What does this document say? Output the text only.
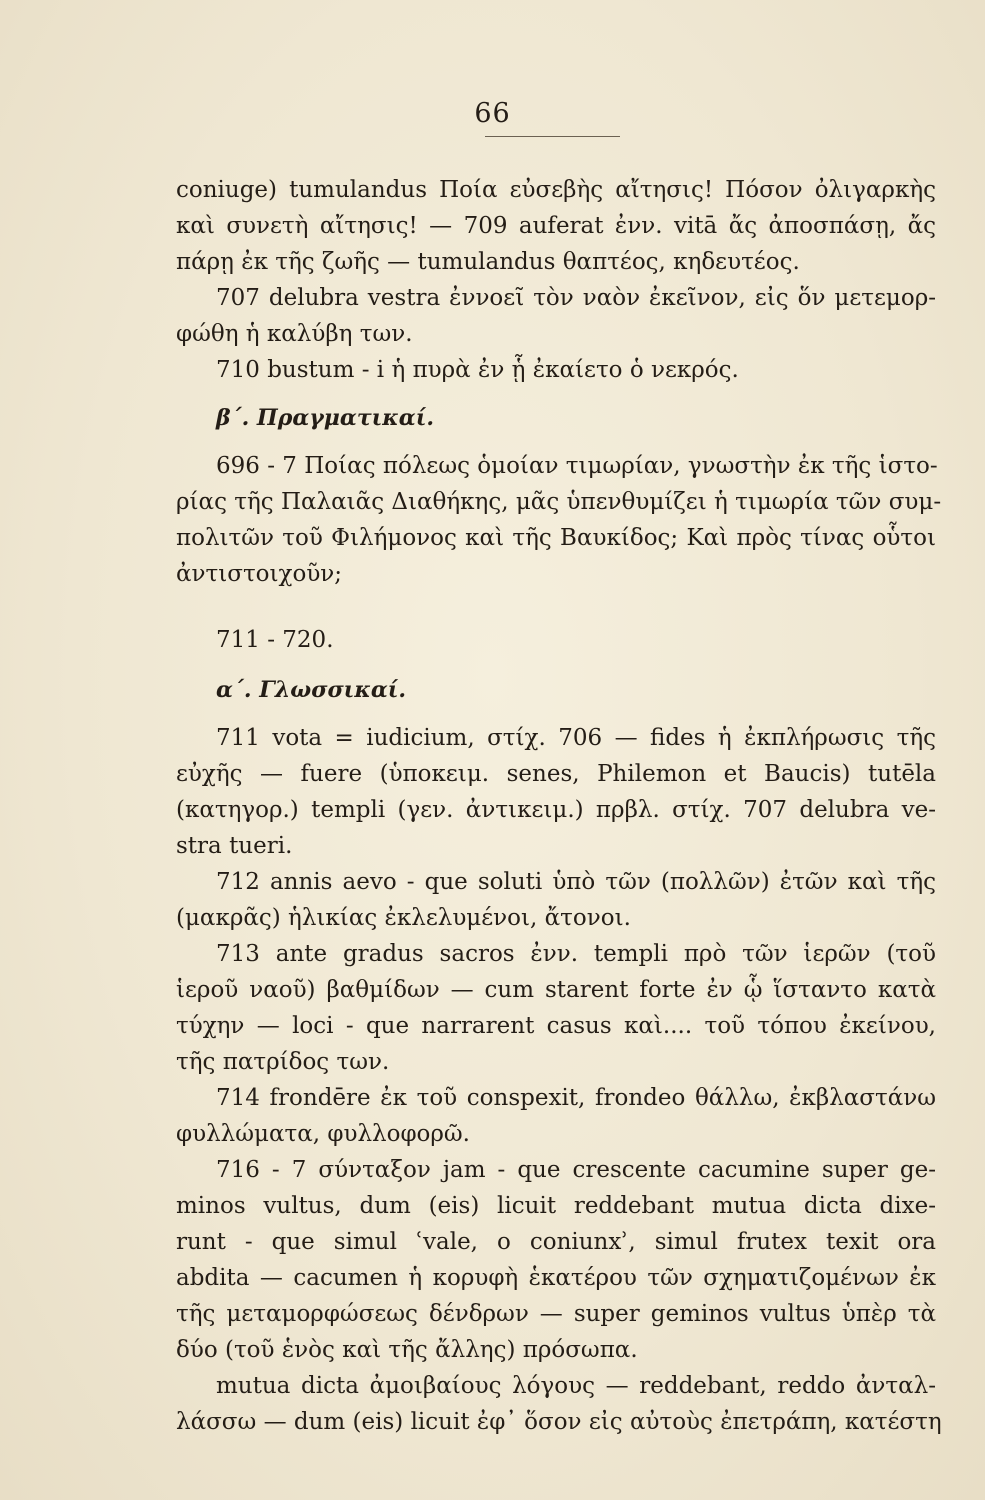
66
coniuge) tumulandus Ποία εὐσεβὴς αἴτησις! Πόσον ὀλιγαρκὴς
καὶ συνετὴ αἴτησις! — 709 auferat ἐνν. vitā ἄς ἀποσπάσῃ, ἄς
πάρῃ ἐκ τῆς ζωῆς — tumulandus θαπτέος, κηδευτέος.
707 delubra vestra ἐννοεῖ τὸν ναὸν ἐκεῖνον, εἰς ὅν μετεμορ-
φώθη ἡ καλύβη των.
710 bustum - i ἡ πυρὰ ἐν ᾗ ἐκαίετο ὁ νεκρός.
β΄. Πραγματικαί.
696 - 7 Ποίας πόλεως ὁμοίαν τιμωρίαν, γνωστὴν ἐκ τῆς ἱστο-
ρίας τῆς Παλαιᾶς Διαθήκης, μᾶς ὑπενθυμίζει ἡ τιμωρία τῶν συμ-
πολιτῶν τοῦ Φιλήμονος καὶ τῆς Βαυκίδος; Καὶ πρὸς τίνας οὗτοι
ἀντιστοιχοῦν;
711 - 720.
α΄. Γλωσσικαί.
711 vota = iudicium, στίχ. 706 — fides ἡ ἐκπλήρωσις τῆς
εὐχῆς — fuere (ὑποκειμ. senes, Philemon et Baucis) tutēla
(κατηγορ.) templi (γεν. ἀντικειμ.) πρβλ. στίχ. 707 delubra ve-
stra tueri.
712 annis aevo - que soluti ὑπὸ τῶν (πολλῶν) ἐτῶν καὶ τῆς
(μακρᾶς) ἡλικίας ἐκλελυμένοι, ἄτονοι.
713 ante gradus sacros ἐνν. templi πρὸ τῶν ἱερῶν (τοῦ
ἱεροῦ ναοῦ) βαθμίδων — cum starent forte ἐν ᾧ ἵσταντο κατὰ
τύχην — loci - que narrarent casus καὶ.... τοῦ τόπου ἐκείνου,
τῆς πατρίδος των.
714 frondēre ἐκ τοῦ conspexit, frondeo θάλλω, ἐκβλαστάνω
φυλλώματα, φυλλοφορῶ.
716 - 7 σύνταξον jam - que crescente cacumine super ge-
minos vultus, dum (eis) licuit reddebant mutua dicta dixe-
runt - que simul ʿvale, o coniunxʾ, simul frutex texit ora
abdita — cacumen ἡ κορυφὴ ἑκατέρου τῶν σχηματιζομένων ἐκ
τῆς μεταμορφώσεως δένδρων — super geminos vultus ὑπὲρ τὰ
δύο (τοῦ ἑνὸς καὶ τῆς ἄλλης) πρόσωπα.
mutua dicta ἀμοιβαίους λόγους — reddebant, reddo ἀνταλ-
λάσσω — dum (eis) licuit ἐφ᾽ ὅσον εἰς αὐτοὺς ἐπετράπη, κατέστη
